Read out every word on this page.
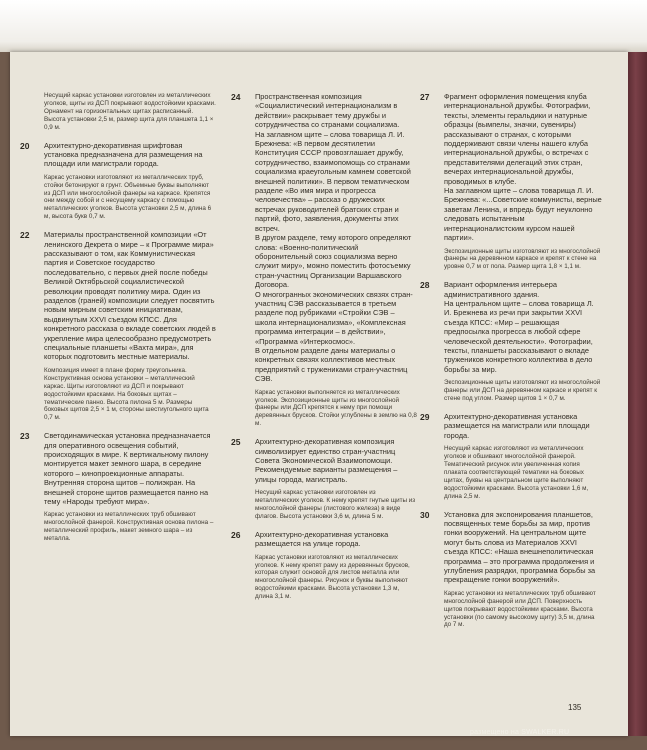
Несущий каркас установки изготовлен из металлических уголков, щиты из ДСП покрывают водостойкими красками. Орнамент на горизонтальных щитах расписанный. Высота установки 2,5 м, размер щита для планшета 1,1 × 0,9 м.
20 Архитектурно-декоративная шрифтовая установка предназначена для размещения на площади или магистрали города.
Каркас установки изготовляют из металлических труб, стойки бетонируют в грунт. Объемные буквы выполняют из ДСП или многослойной фанеры на каркасе. Крепятся они между собой и с несущему каркасу с помощью металлических уголков. Высота установки 2,5 м, длина 6 м, высота букв 0,7 м.
22 Материалы пространственной композиции «От ленинского Декрета о мире – к Программе мира» рассказывают о том, как Коммунистическая партия и Советское государство последовательно, с первых дней после победы Великой Октябрьской социалистической революции проводят политику мира. Один из разделов (граней) композиции следует посвятить новым мирным советским инициативам, выдвинутым XXVI съездом КПСС. Для конкретного рассказа о вкладе советских людей в укрепление мира целесообразно предусмотреть специальные планшеты «Вахта мира», для которых подготовить местные материалы.
Композиция имеет в плане форму треугольника. Конструктивная основа установки – металлический каркас. Щиты изготовляют из ДСП и покрывают водостойкими красками. На боковых щитах – тематические панно. Высота пилона 5 м. Размеры боковых щитов 2,5 × 1 м, стороны шестиугольного щита 0,7 м.
23 Светодинамическая установка предназначается для оперативного освещения событий, происходящих в мире. К вертикальному пилону монтируется макет земного шара, в середине которого – кинопроекционные аппараты. Внутренняя сторона щитов – полиэкран. На внешней стороне щитов размещается панно на тему «Народы требуют мира».
Каркас установки из металлических труб обшивают многослойной фанерой. Конструктивная основа пилона – металлический профиль, макет земного шара – из металла.
24 Пространственная композиция «Социалистический интернационализм в действии» раскрывает тему дружбы и сотрудничества со странами социализма.
На заглавном щите – слова товарища Л. И. Брежнева: «В первом десятилетии Конституция СССР провозглашает дружбу, сотрудничество, взаимопомощь со странами социализма краеугольным камнем советской внешней политики». В первом тематическом разделе «Во имя мира и прогресса человечества» – рассказ о дружеских встречах руководителей братских стран и партий, фото, заявления, документы этих встреч.
В другом разделе, тему которого определяют слова: «Военно-политический оборонительный союз социализма верно служит миру», можно поместить фотосъемку стран-участниц Организации Варшавского Договора.
О многогранных экономических связях стран-участниц СЭВ рассказывается в третьем разделе под рубриками «Стройки СЭВ – школа интернационализма», «Комплексная программа интеграции – в действии», «Программа «Интеркосмос».
В отдельном разделе даны материалы о конкретных связях коллективов местных предприятий с тружениками стран-участниц СЭВ.
Каркас установки выполняется из металлических уголков. Экспозиционные щиты из многослойной фанеры или ДСП крепятся к нему при помощи деревянных брусков. Стойки углублены в землю на 0,8 м.
25 Архитектурно-декоративная композиция символизирует единство стран-участниц Совета Экономической Взаимопомощи. Рекомендуемые варианты размещения – улицы города, магистраль.
Несущий каркас установки изготовлен из металлических уголков. К нему крепят гнутые щиты из многослойной фанеры (листового железа) в виде флагов. Высота установки 3,6 м, длина 5 м.
26 Архитектурно-декоративная установка размещается на улице города.
Каркас установки изготовляют из металлических уголков. К нему крепят раму из деревянных брусков, которая служит основой для листов металла или многослойной фанеры. Рисунок и буквы выполняют водостойкими красками. Высота установки 1,3 м, длина 3,1 м.
27 Фрагмент оформления помещения клуба интернациональной дружбы. Фотографии, тексты, элементы геральдики и натурные образцы (вымпелы, значки, сувениры) рассказывают о странах, с которыми поддерживают связи члены нашего клуба интернациональной дружбы, о встречах с представителями делегаций этих стран, вечерах интернациональной дружбы, проводимых в клубе.
На заглавном щите – слова товарища Л. И. Брежнева: «...Советские коммунисты, верные заветам Ленина, и впредь будут неуклонно следовать испытанным интернационалистским курсом нашей партии».
Экспозиционные щиты изготовляют из многослойной фанеры на деревянном каркасе и крепят к стене на уровне 0,7 м от пола. Размер щита 1,8 × 1,1 м.
28 Вариант оформления интерьера административного здания.
На центральном щите – слова товарища Л. И. Брежнева из речи при закрытии XXVI съезда КПСС: «Мир – решающая предпосылка прогресса в любой сфере человеческой деятельности». Фотографии, тексты, планшеты рассказывают о вкладе тружеников конкретного коллектива в дело борьбы за мир.
Экспозиционные щиты изготовляют из многослойной фанеры или ДСП на деревянном каркасе и крепят к стене под углом. Размер щитов 1 × 0,7 м.
29 Архитектурно-декоративная установка размещается на магистрали или площади города.
Несущий каркас изготовляют из металлических уголков и обшивают многослойной фанерой. Тематический рисунок или увеличенная копия плаката соответствующей тематики на боковых щитах, буквы на центральном щите выполняют водостойкими красками. Высота установки 1,6 м, длина 2,5 м.
30 Установка для экспонирования планшетов, посвященных теме борьбы за мир, против гонки вооружений. На центральном щите могут быть слова из Материалов XXVI съезда КПСС: «Наша внешнеполитическая программа – это программа продолжения и углубления разрядки, программа борьбы за прекращение гонки вооружений».
Каркас установки из металлических труб обшивают многослойной фанерой или ДСП. Поверхность щитов покрывают водостойкими красками. Высота установки (по самому высокому щиту) 3,5 м, длина до 7 м.
135
размещено на SWALKER.RU
